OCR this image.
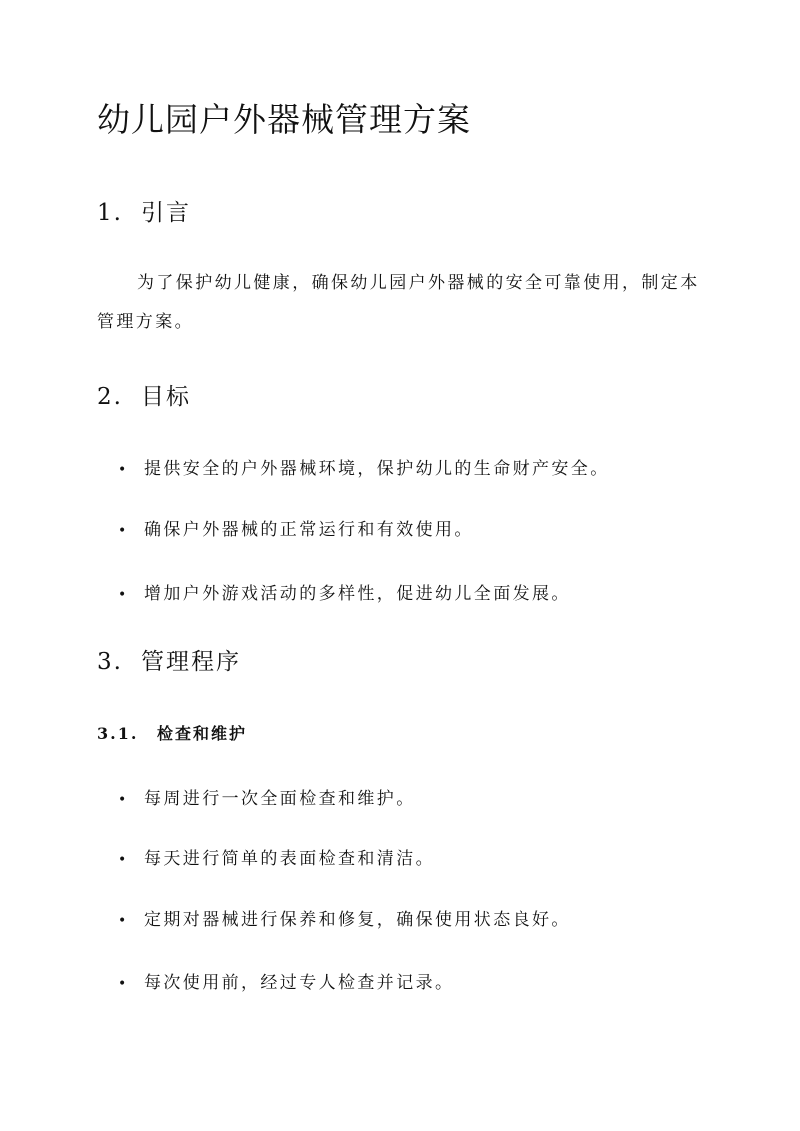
幼儿园户外器械管理方案
1. 引言
为了保护幼儿健康，确保幼儿园户外器械的安全可靠使用，制定本管理方案。
2. 目标
• 提供安全的户外器械环境，保护幼儿的生命财产安全。
• 确保户外器械的正常运行和有效使用。
• 增加户外游戏活动的多样性，促进幼儿全面发展。
3. 管理程序
3.1. 检查和维护
• 每周进行一次全面检查和维护。
• 每天进行简单的表面检查和清洁。
• 定期对器械进行保养和修复，确保使用状态良好。
• 每次使用前，经过专人检查并记录。
